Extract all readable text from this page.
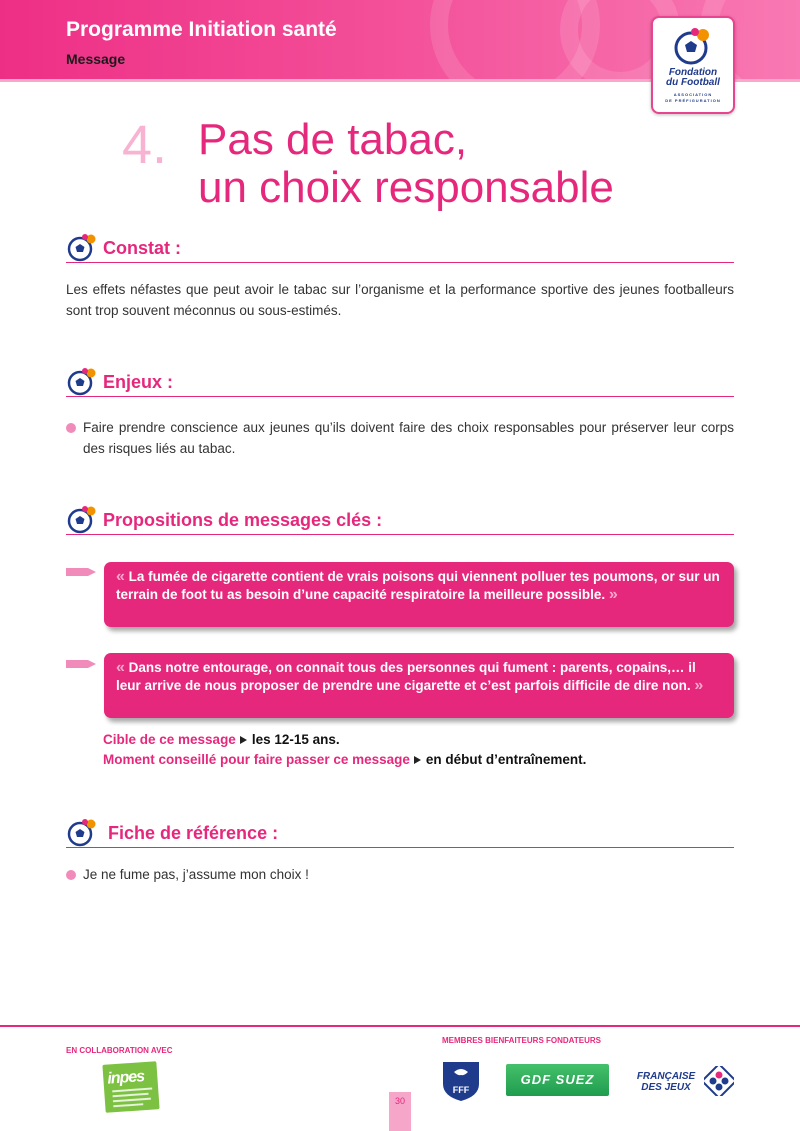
Programme Initiation santé
Message
Fondation
du Football
ASSOCIATION
DE PRÉFIGURATION
4. Pas de tabac,
un choix responsable
Constat :
Les effets néfastes que peut avoir le tabac sur l’organisme et la performance sportive des jeunes footballeurs sont trop souvent méconnus ou sous-estimés.
Enjeux :
Faire prendre conscience aux jeunes qu’ils doivent faire des choix responsables pour préserver leur corps des risques liés au tabac.
Propositions de messages clés :
« La fumée de cigarette contient de vrais poisons qui viennent polluer tes poumons, or sur un terrain de foot tu as besoin d’une capacité respiratoire la meilleure possible. »
« Dans notre entourage, on connait tous des personnes qui fument : parents, copains,… il leur arrive de nous proposer de prendre une cigarette et c’est parfois difficile de dire non. »
Cible de ce message les 12-15 ans.
Moment conseillé pour faire passer ce message en début d’entraînement.
Fiche de référence :
Je ne fume pas, j’assume mon choix !
EN COLLABORATION AVEC
MEMBRES BIENFAITEURS FONDATEURS
inpes
FFF
GDF SUEZ	FRANÇAISE
DES JEUX
30
